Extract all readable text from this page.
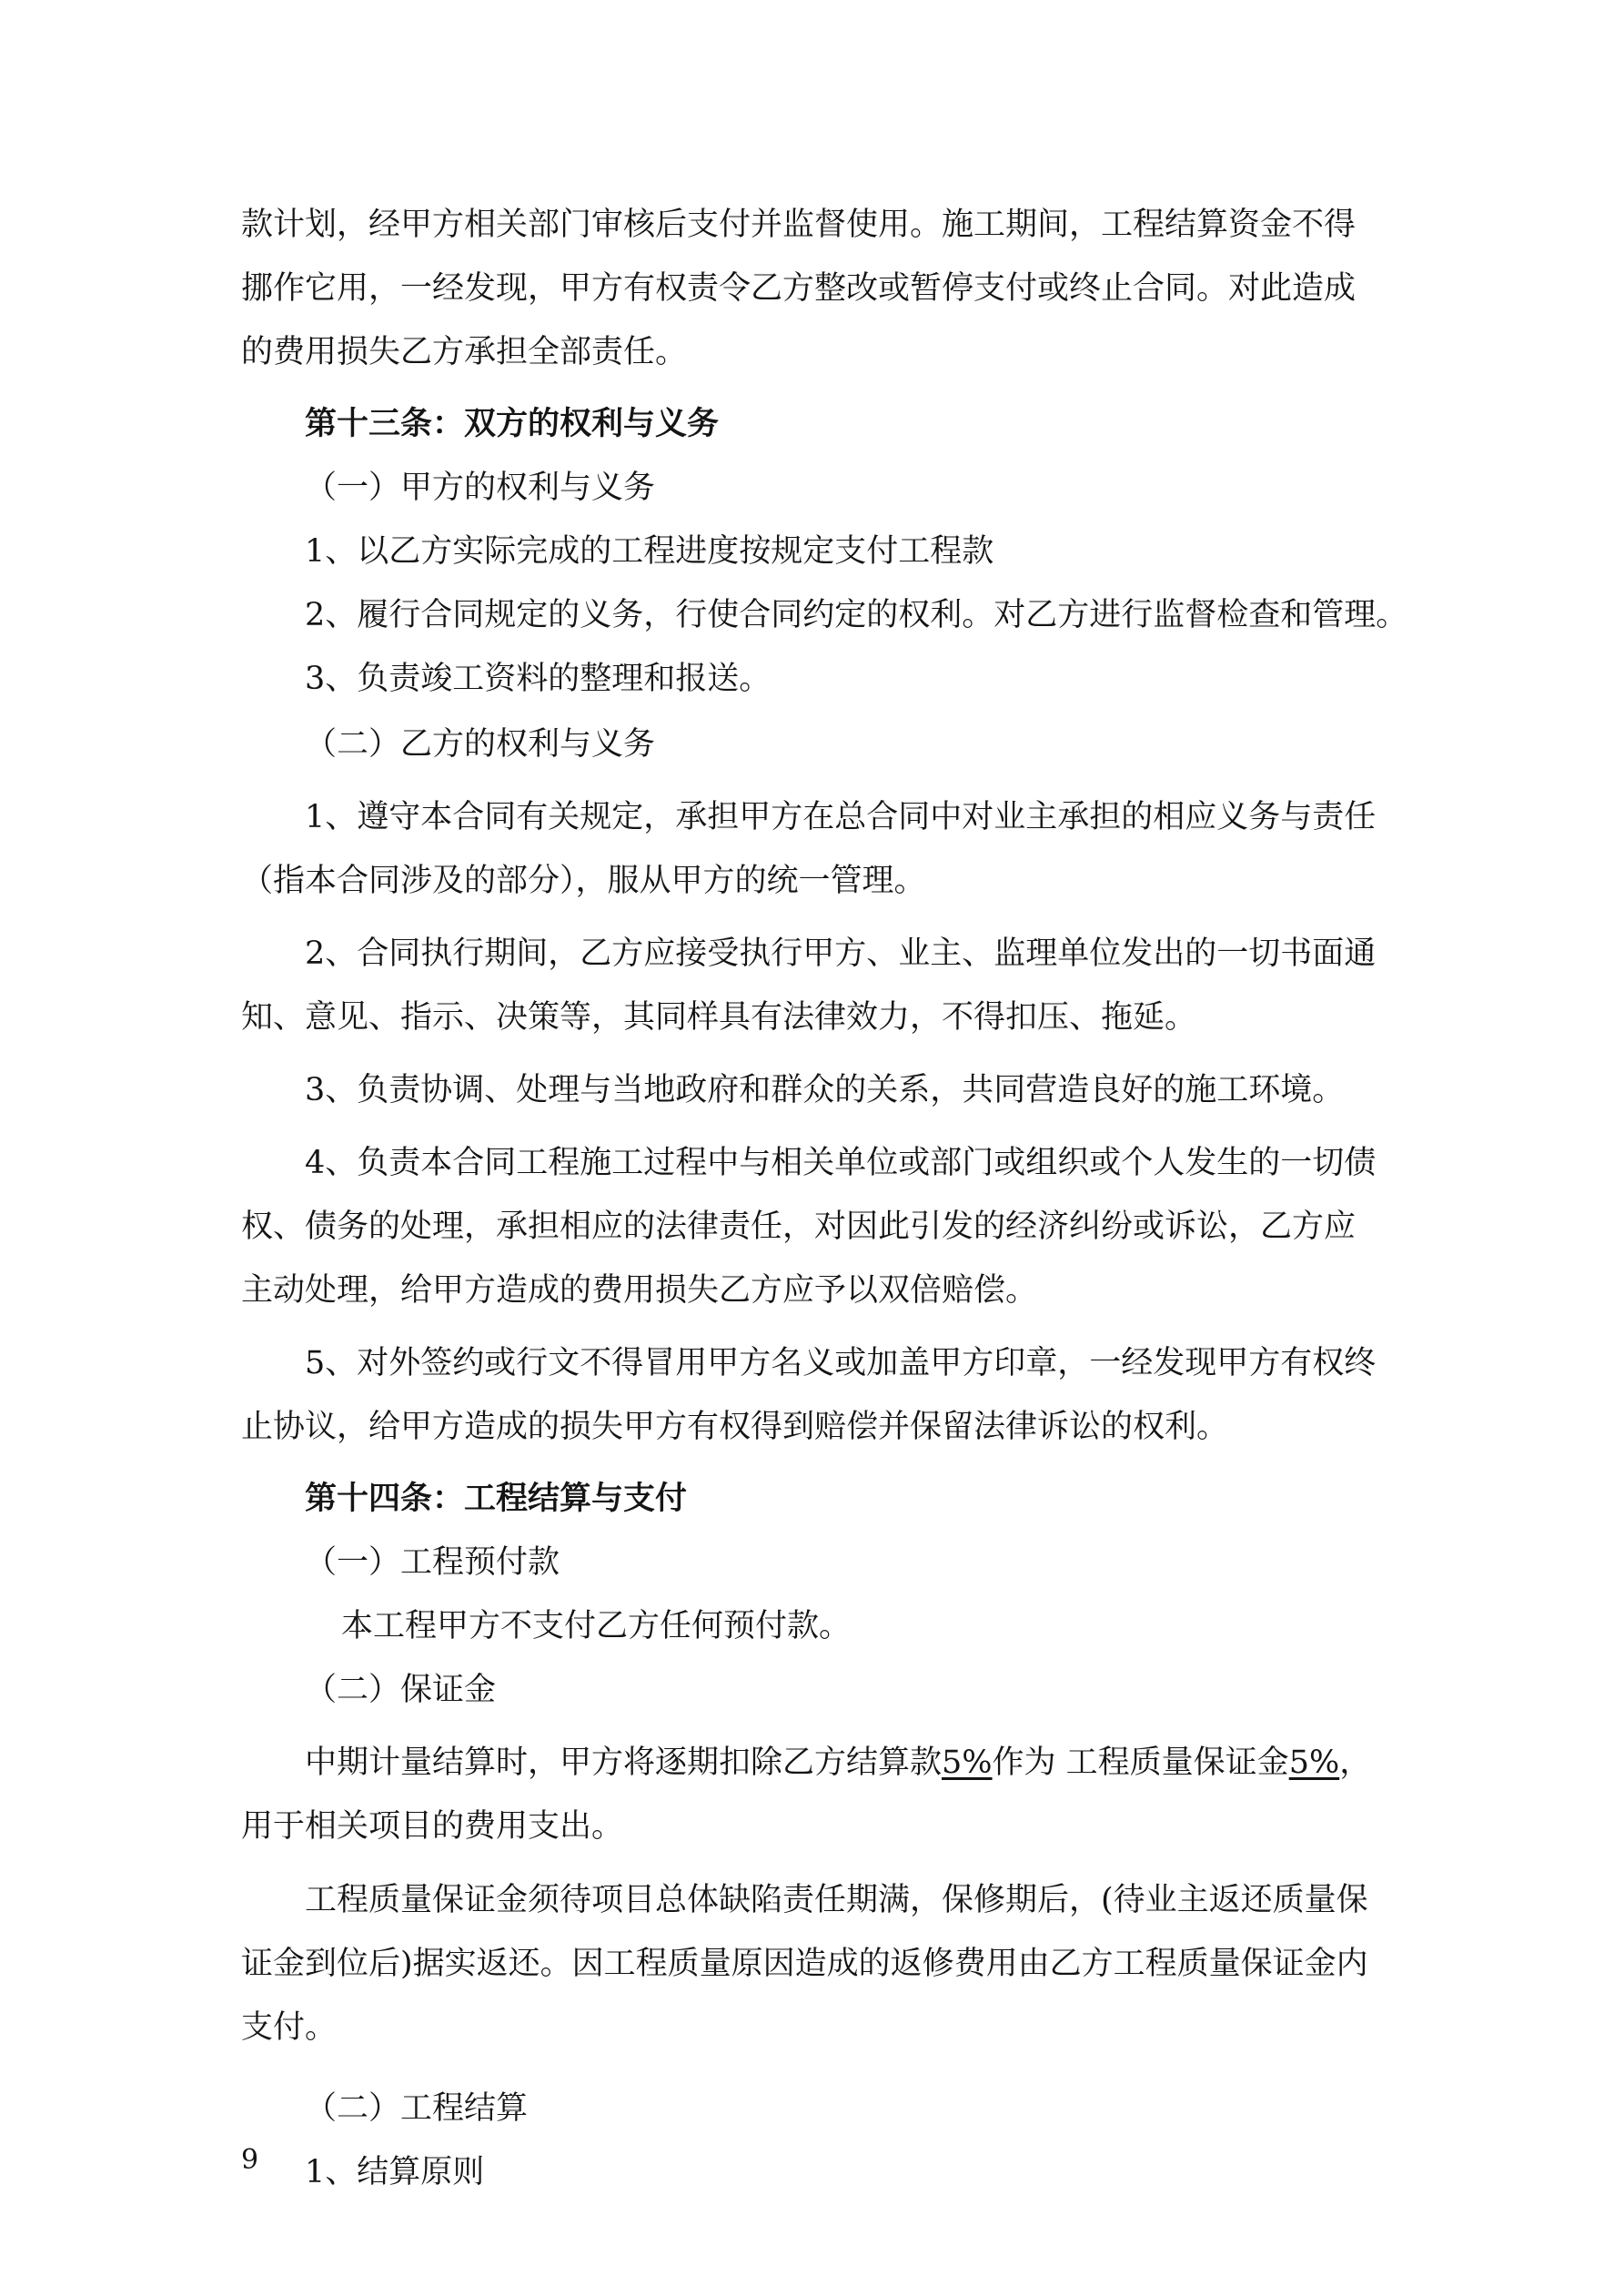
款计划，经甲方相关部门审核后支付并监督使用。施工期间，工程结算资金不得
挪作它用，一经发现，甲方有权责令乙方整改或暂停支付或终止合同。对此造成
的费用损失乙方承担全部责任。
第十三条：双方的权利与义务
（一）甲方的权利与义务
1、以乙方实际完成的工程进度按规定支付工程款
2、履行合同规定的义务，行使合同约定的权利。对乙方进行监督检查和管理。
3、负责竣工资料的整理和报送。
（二）乙方的权利与义务
1、遵守本合同有关规定，承担甲方在总合同中对业主承担的相应义务与责任
（指本合同涉及的部分），服从甲方的统一管理。
2、合同执行期间，乙方应接受执行甲方、业主、监理单位发出的一切书面通
知、意见、指示、决策等，其同样具有法律效力，不得扣压、拖延。
3、负责协调、处理与当地政府和群众的关系，共同营造良好的施工环境。
4、负责本合同工程施工过程中与相关单位或部门或组织或个人发生的一切债
权、债务的处理，承担相应的法律责任，对因此引发的经济纠纷或诉讼，乙方应
主动处理，给甲方造成的费用损失乙方应予以双倍赔偿。
5、对外签约或行文不得冒用甲方名义或加盖甲方印章，一经发现甲方有权终
止协议，给甲方造成的损失甲方有权得到赔偿并保留法律诉讼的权利。
第十四条：工程结算与支付
（一）工程预付款
本工程甲方不支付乙方任何预付款。
（二）保证金
中期计量结算时，甲方将逐期扣除乙方结算款5%作为 工程质量保证金5%，
用于相关项目的费用支出。
工程质量保证金须待项目总体缺陷责任期满，保修期后，(待业主返还质量保
证金到位后)据实返还。因工程质量原因造成的返修费用由乙方工程质量保证金内
支付。
（二）工程结算
1、结算原则
9
